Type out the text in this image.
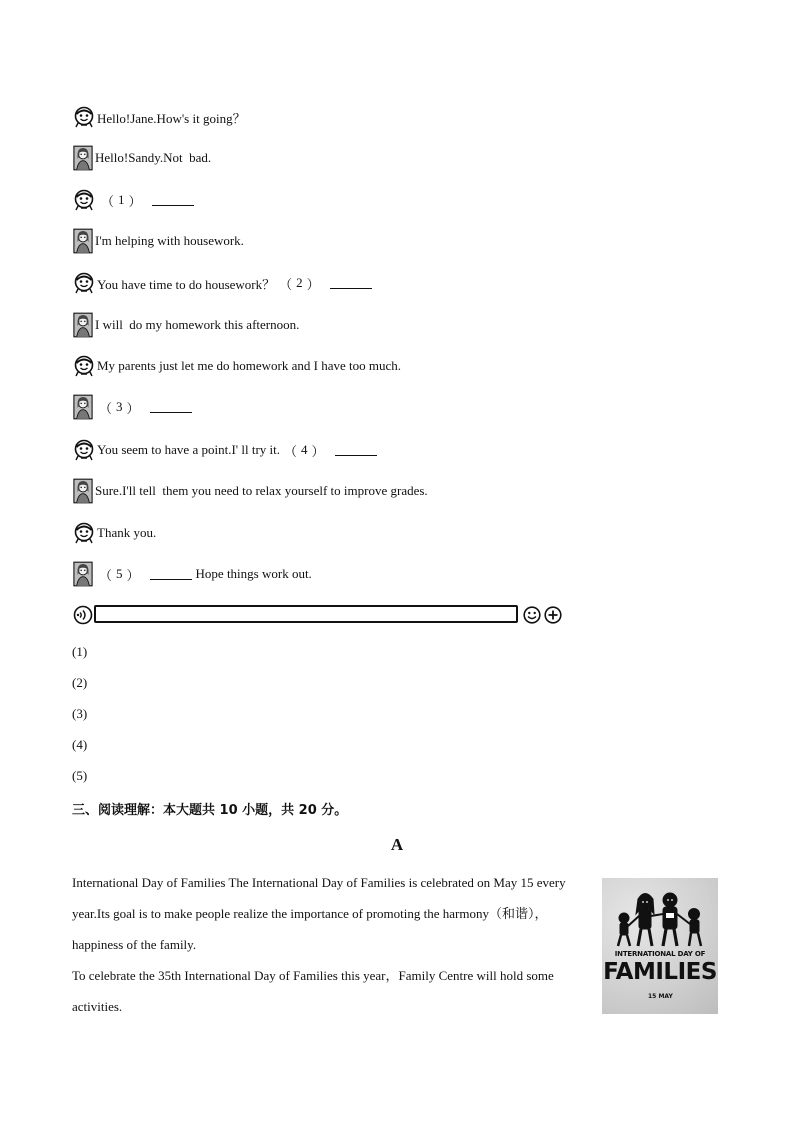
Hello!Jane.How's it going？
Hello!Sandy.Not  bad.
（ 1 ）
I'm helping with housework.
You have time to do housework？ （ 2 ）
I will  do my homework this afternoon.
My parents just let me do homework and I have too much.
（ 3 ）
You seem to have a point.I' ll try it. （ 4 ）
Sure.I'll tell  them you need to relax yourself to improve grades.
Thank you.
（ 5 ）	Hope things work out.
(1)
(2)
(3)
(4)
(5)
三、阅读理解：本大题共 10 小题，共 20 分。
A
International Day of Families The International Day of Families is celebrated on May 15 every year.Its goal is to make people realize the importance of promoting the harmony（和谐），happiness of the family.
To celebrate the 35th International Day of Families this year，Family Centre will hold some activities.
INTERNATIONAL DAY OF
FAMILIES
15 MAY
